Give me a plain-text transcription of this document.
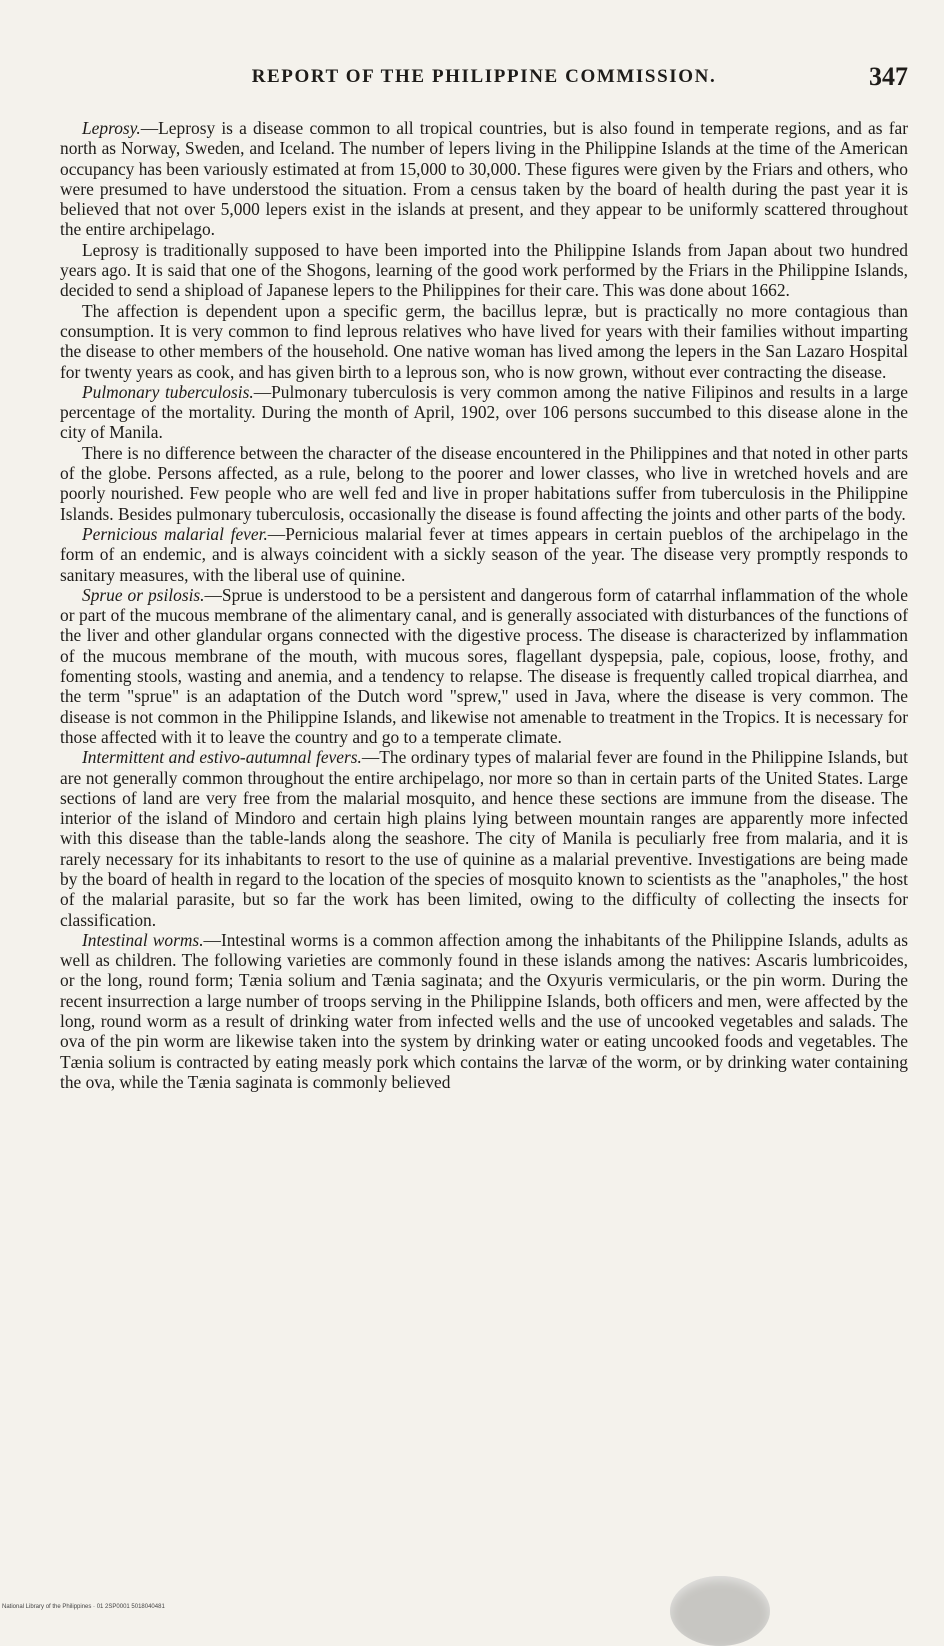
REPORT OF THE PHILIPPINE COMMISSION.	347

Leprosy.—Leprosy is a disease common to all tropical countries, but is also found in temperate regions, and as far north as Norway, Sweden, and Iceland. The number of lepers living in the Philippine Islands at the time of the American occupancy has been variously estimated at from 15,000 to 30,000. These figures were given by the Friars and others, who were presumed to have understood the situation. From a census taken by the board of health during the past year it is believed that not over 5,000 lepers exist in the islands at present, and they appear to be uniformly scattered throughout the entire archipelago.

Leprosy is traditionally supposed to have been imported into the Philippine Islands from Japan about two hundred years ago. It is said that one of the Shogons, learning of the good work performed by the Friars in the Philippine Islands, decided to send a shipload of Japanese lepers to the Philippines for their care. This was done about 1662.

The affection is dependent upon a specific germ, the bacillus lepræ, but is practically no more contagious than consumption. It is very common to find leprous relatives who have lived for years with their families without imparting the disease to other members of the household. One native woman has lived among the lepers in the San Lazaro Hospital for twenty years as cook, and has given birth to a leprous son, who is now grown, without ever contracting the disease.

Pulmonary tuberculosis.—Pulmonary tuberculosis is very common among the native Filipinos and results in a large percentage of the mortality. During the month of April, 1902, over 106 persons succumbed to this disease alone in the city of Manila.

There is no difference between the character of the disease encountered in the Philippines and that noted in other parts of the globe. Persons affected, as a rule, belong to the poorer and lower classes, who live in wretched hovels and are poorly nourished. Few people who are well fed and live in proper habitations suffer from tuberculosis in the Philippine Islands. Besides pulmonary tuberculosis, occasionally the disease is found affecting the joints and other parts of the body.

Pernicious malarial fever.—Pernicious malarial fever at times appears in certain pueblos of the archipelago in the form of an endemic, and is always coincident with a sickly season of the year. The disease very promptly responds to sanitary measures, with the liberal use of quinine.

Sprue or psilosis.—Sprue is understood to be a persistent and dangerous form of catarrhal inflammation of the whole or part of the mucous membrane of the alimentary canal, and is generally associated with disturbances of the functions of the liver and other glandular organs connected with the digestive process. The disease is characterized by inflammation of the mucous membrane of the mouth, with mucous sores, flagellant dyspepsia, pale, copious, loose, frothy, and fomenting stools, wasting and anemia, and a tendency to relapse. The disease is frequently called tropical diarrhea, and the term "sprue" is an adaptation of the Dutch word "sprew," used in Java, where the disease is very common. The disease is not common in the Philippine Islands, and likewise not amenable to treatment in the Tropics. It is necessary for those affected with it to leave the country and go to a temperate climate.

Intermittent and estivo-autumnal fevers.—The ordinary types of malarial fever are found in the Philippine Islands, but are not generally common throughout the entire archipelago, nor more so than in certain parts of the United States. Large sections of land are very free from the malarial mosquito, and hence these sections are immune from the disease. The interior of the island of Mindoro and certain high plains lying between mountain ranges are apparently more infected with this disease than the table-lands along the seashore. The city of Manila is peculiarly free from malaria, and it is rarely necessary for its inhabitants to resort to the use of quinine as a malarial preventive. Investigations are being made by the board of health in regard to the location of the species of mosquito known to scientists as the "anapholes," the host of the malarial parasite, but so far the work has been limited, owing to the difficulty of collecting the insects for classification.

Intestinal worms.—Intestinal worms is a common affection among the inhabitants of the Philippine Islands, adults as well as children. The following varieties are commonly found in these islands among the natives: Ascaris lumbricoides, or the long, round form; Tænia solium and Tænia saginata; and the Oxyuris vermicularis, or the pin worm. During the recent insurrection a large number of troops serving in the Philippine Islands, both officers and men, were affected by the long, round worm as a result of drinking water from infected wells and the use of uncooked vegetables and salads. The ova of the pin worm are likewise taken into the system by drinking water or eating uncooked foods and vegetables. The Tænia solium is contracted by eating measly pork which contains the larvæ of the worm, or by drinking water containing the ova, while the Tænia saginata is commonly believed

National Library of the Philippines · 01 2SP0001 5018040481
